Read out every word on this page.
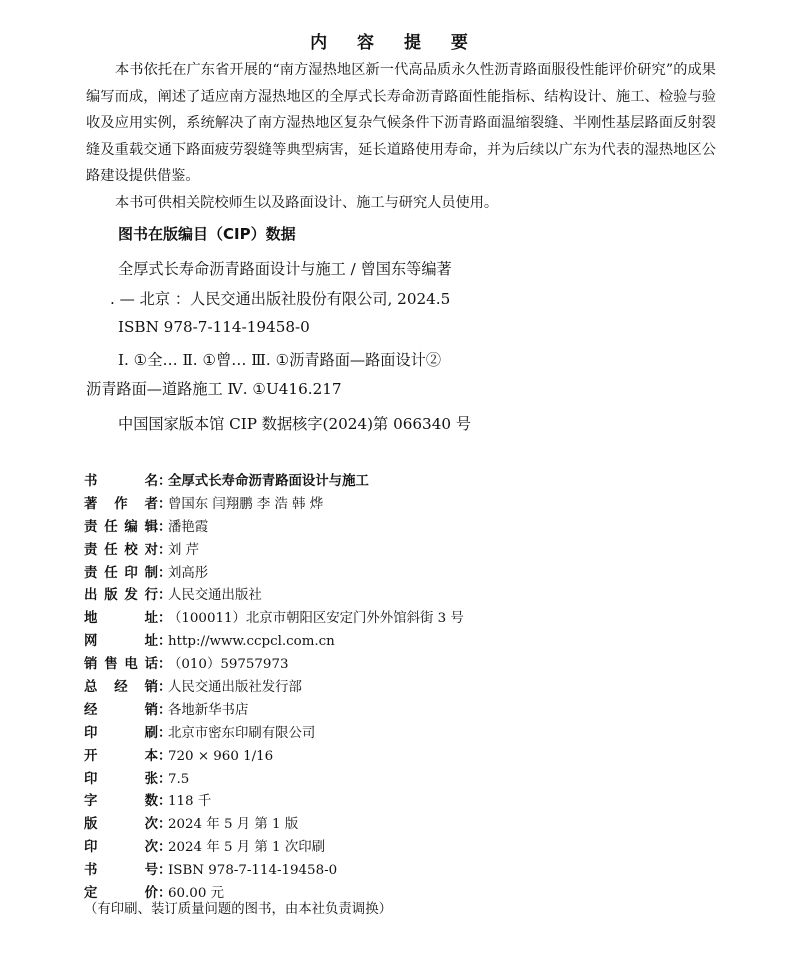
内 容 提 要

本书依托在广东省开展的“南方湿热地区新一代高品质永久性沥青路面服役性能评价研究”的成果编写而成，阐述了适应南方湿热地区的全厚式长寿命沥青路面性能指标、结构设计、施工、检验与验收及应用实例，系统解决了南方湿热地区复杂气候条件下沥青路面温缩裂缝、半刚性基层路面反射裂缝及重载交通下路面疲劳裂缝等典型病害，延长道路使用寿命，并为后续以广东为代表的湿热地区公路建设提供借鉴。

本书可供相关院校师生以及路面设计、施工与研究人员使用。

图书在版编目（CIP）数据
全厚式长寿命沥青路面设计与施工 / 曾国东等编著
. — 北京 ：人民交通出版社股份有限公司, 2024.5
ISBN 978-7-114-19458-0
Ⅰ. ①全… Ⅱ. ①曾… Ⅲ. ①沥青路面—路面设计②
沥青路面—道路施工 Ⅳ. ①U416.217
中国国家版本馆 CIP 数据核字(2024)第 066340 号
书	名 ：
全厚式长寿命沥青路面设计与施工
著 作 者 ：
曾国东 闫翔鹏 李 浩 韩 烨
责 任 编 辑 ：
潘艳霞
责 任 校 对 ：
刘 芹
责 任 印 制 ：
刘高彤
出 版 发 行 ：
人民交通出版社
地	址 ：
（100011）北京市朝阳区安定门外外馆斜街 3 号
网	址 ：
http://www.ccpcl.com.cn
销 售 电 话 ：
（010）59757973
总 经 销 ：
人民交通出版社发行部
经	销 ：
各地新华书店
印	刷 ：
北京市密东印刷有限公司
开	本 ：
720 × 960 1/16
印	张 ：
7.5
字	数 ：
118 千
版	次 ：
2024 年 5 月 第 1 版
印	次 ：
2024 年 5 月 第 1 次印刷
书	号 ：
ISBN 978-7-114-19458-0
定	价 ：
60.00 元
（有印刷、装订质量问题的图书，由本社负责调换）
